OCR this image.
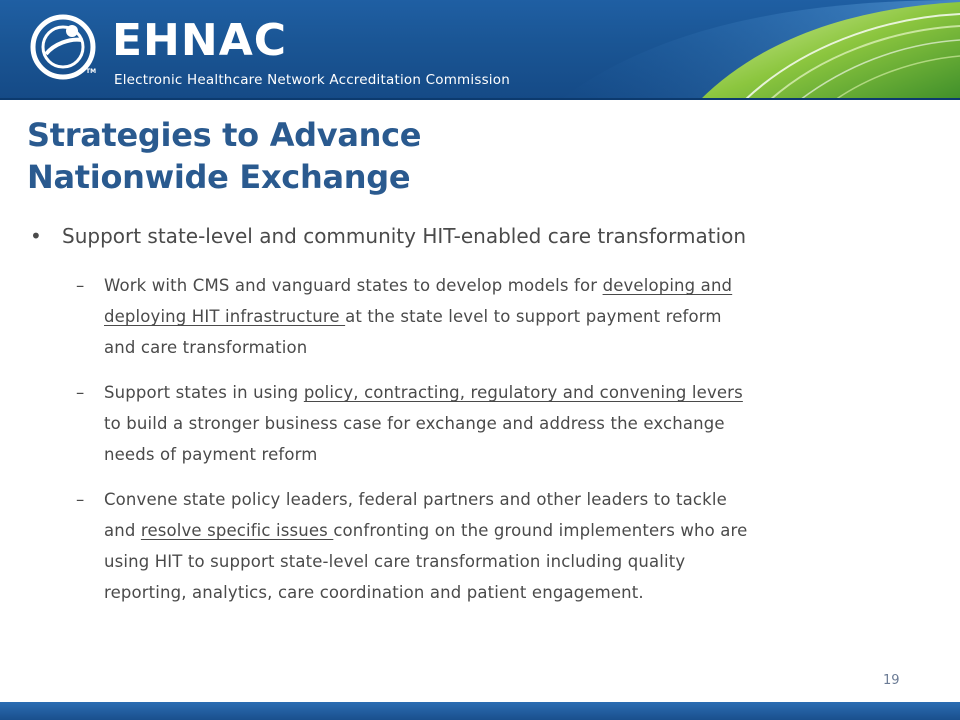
TM
EHNAC
Electronic Healthcare Network Accreditation Commission
Strategies to Advance
Nationwide Exchange
• Support state-level and community HIT-enabled care transformation
– Work with CMS and vanguard states to develop models for developing and
deploying HIT infrastructure at the state level to support payment reform
and care transformation
– Support states in using policy, contracting, regulatory and convening levers
to build a stronger business case for exchange and address the exchange
needs of payment reform
– Convene state policy leaders, federal partners and other leaders to tackle
and resolve specific issues confronting on the ground implementers who are
using HIT to support state-level care transformation including quality
reporting, analytics, care coordination and patient engagement.
19
